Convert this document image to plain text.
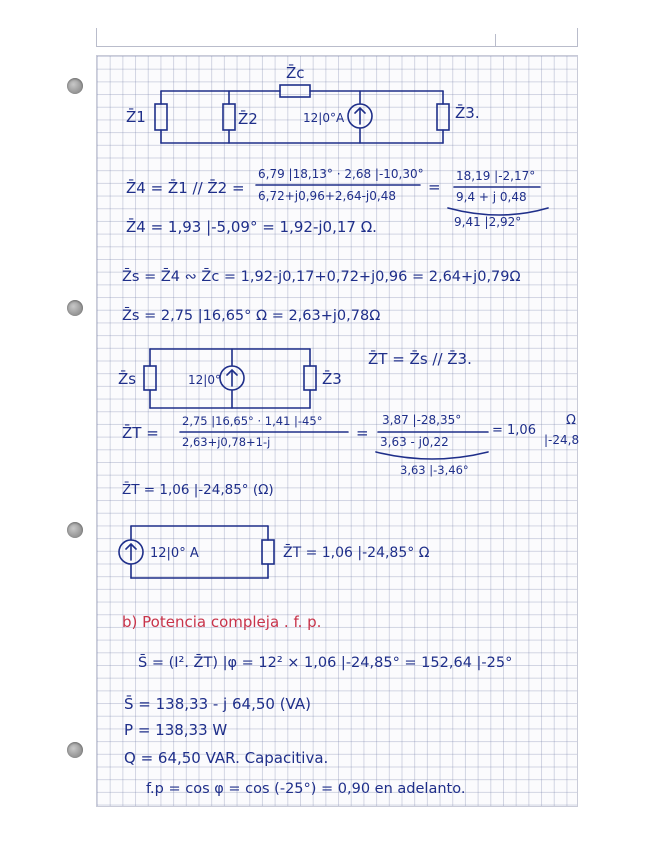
Z̄c
Z̄1	Z̄2	12|0°A	Z̄3.
Z̄4 = Z̄1 // Z̄2 =
6,79 |18,13° · 2,68 |-10,30°
6,72+j0,96+2,64-j0,48 =
18,19 |-2,17°
9,4 + j 0,48
9,41 |2,92°
Z̄4 = 1,93 |-5,09° = 1,92-j0,17 Ω.
Z̄s = Z̄4 ∾ Z̄c = 1,92-j0,17+0,72+j0,96 = 2,64+j0,79Ω
Z̄s = 2,75 |16,65° Ω = 2,63+j0,78Ω
Z̄s	12|0°	Z̄3
Z̄T = Z̄s // Z̄3.
Z̄T =
2,75 |16,65° · 1,41 |-45°
2,63+j0,78+1-j	=
3,87 |-28,35°
3,63 - j0,22
3,63 |-3,46°
= 1,06
Ω
|-24,8
Z̄T = 1,06 |-24,85° (Ω)
12|0° A	Z̄T = 1,06 |-24,85° Ω
b) Potencia compleja . f. p.
S̄ = (I². Z̄T) |φ = 12² × 1,06 |-24,85° = 152,64 |-25°
S̄ = 138,33 - j 64,50 (VA)
P = 138,33 W
Q = 64,50 VAR. Capacitiva.
f.p = cos φ = cos (-25°) = 0,90 en adelanto.
